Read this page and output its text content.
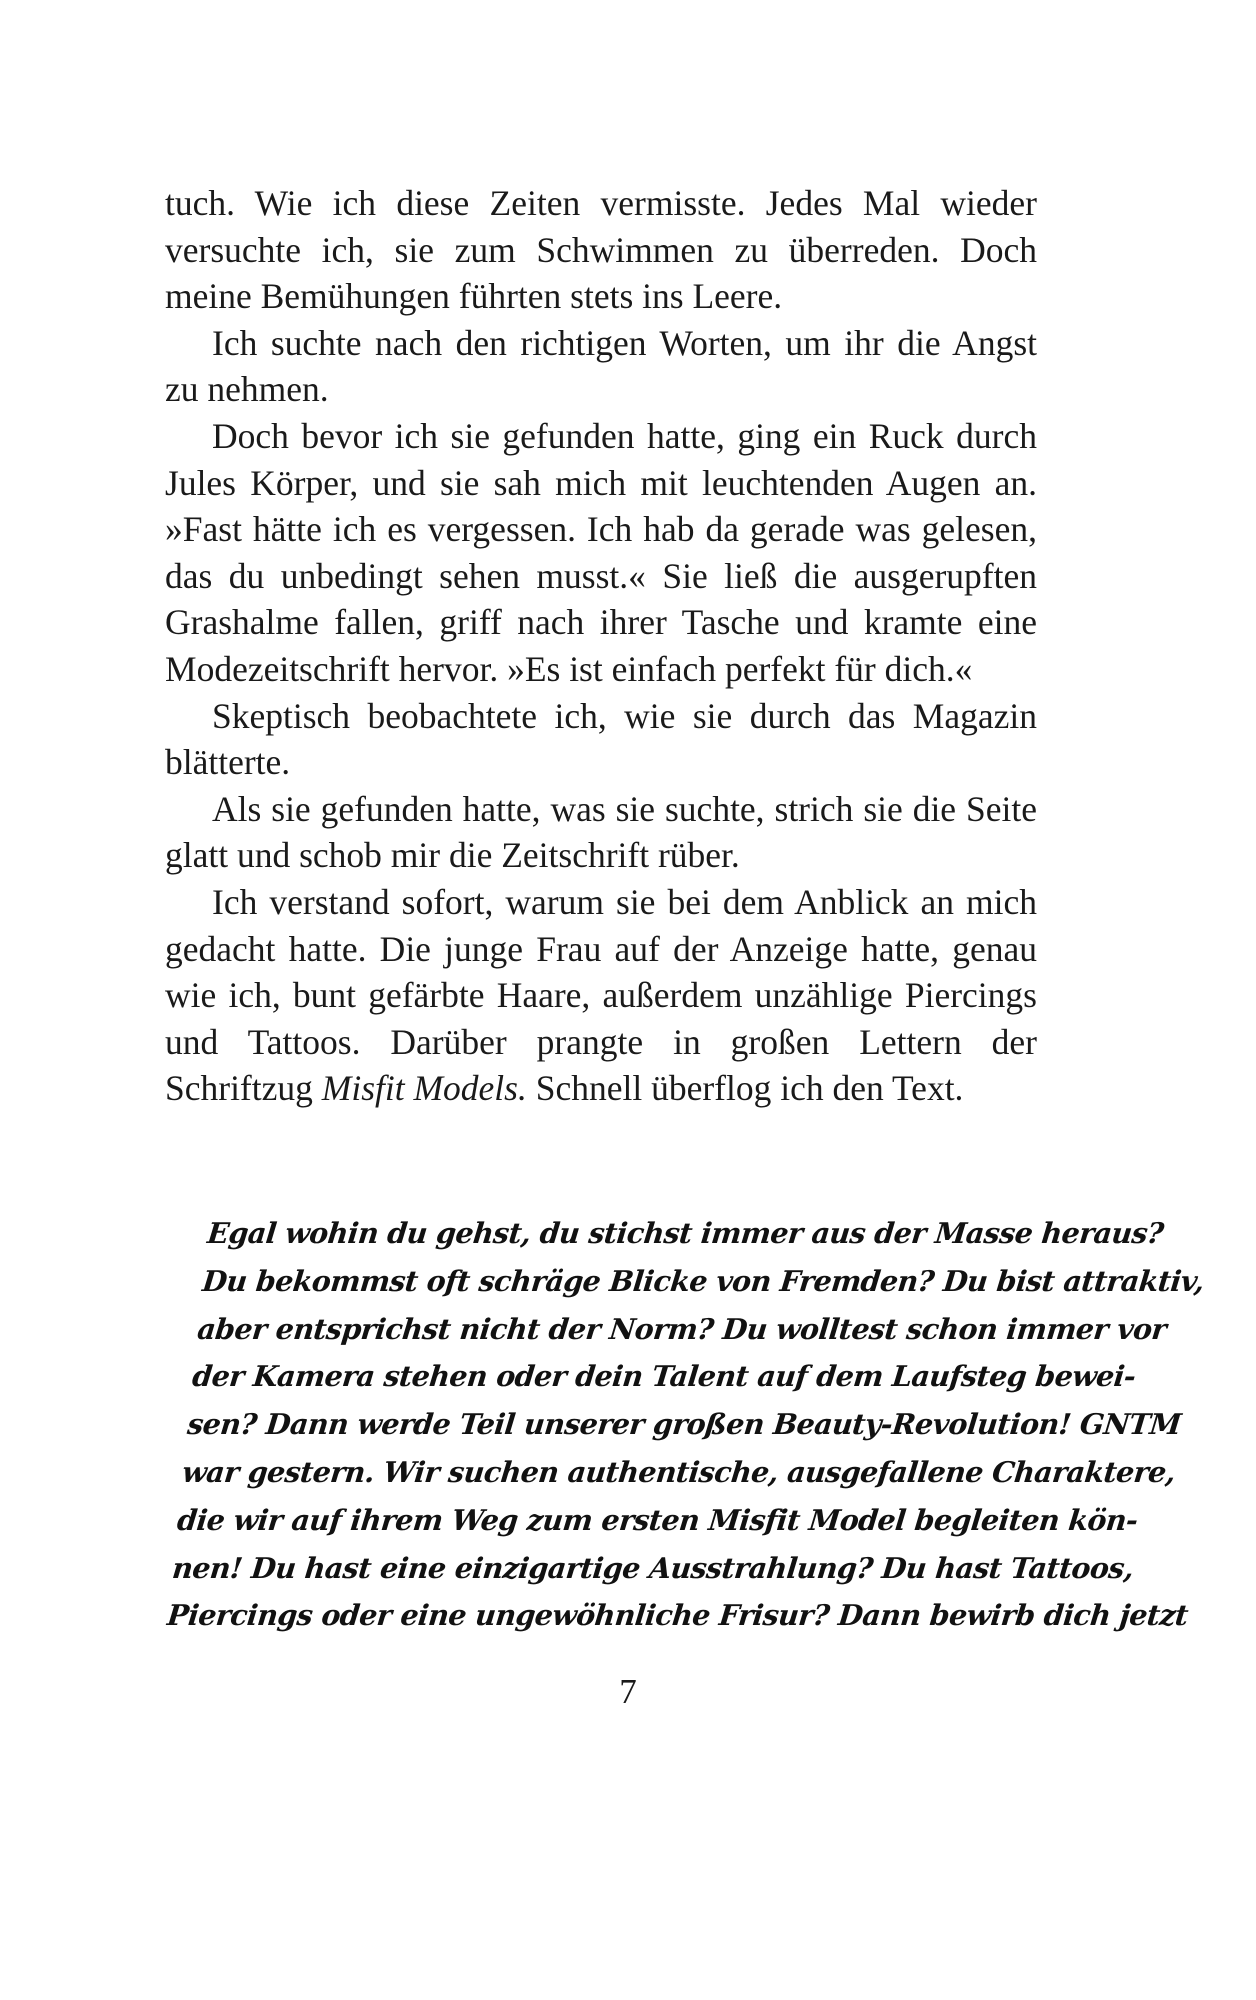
tuch. Wie ich diese Zeiten vermisste. Jedes Mal wieder versuchte ich, sie zum Schwimmen zu überreden. Doch meine Bemühungen führten stets ins Leere.

Ich suchte nach den richtigen Worten, um ihr die Angst zu nehmen.

Doch bevor ich sie gefunden hatte, ging ein Ruck durch Jules Körper, und sie sah mich mit leuchtenden Augen an. »Fast hätte ich es vergessen. Ich hab da gerade was gelesen, das du unbedingt sehen musst.« Sie ließ die ausgerupften Grashalme fallen, griff nach ihrer Tasche und kramte eine Modezeitschrift hervor. »Es ist einfach perfekt für dich.«

Skeptisch beobachtete ich, wie sie durch das Magazin blätterte.

Als sie gefunden hatte, was sie suchte, strich sie die Seite glatt und schob mir die Zeitschrift rüber.

Ich verstand sofort, warum sie bei dem Anblick an mich gedacht hatte. Die junge Frau auf der Anzeige hatte, genau wie ich, bunt gefärbte Haare, außerdem unzählige Piercings und Tattoos. Darüber prangte in großen Lettern der Schriftzug Misfit Models. Schnell überflog ich den Text.

Egal wohin du gehst, du stichst immer aus der Masse heraus?
Du bekommst oft schräge Blicke von Fremden? Du bist attraktiv,
aber entsprichst nicht der Norm? Du wolltest schon immer vor
der Kamera stehen oder dein Talent auf dem Laufsteg bewei-
sen? Dann werde Teil unserer großen Beauty-Revolution! GNTM
war gestern. Wir suchen authentische, ausgefallene Charaktere,
die wir auf ihrem Weg zum ersten Misfit Model begleiten kön-
nen! Du hast eine einzigartige Ausstrahlung? Du hast Tattoos,
Piercings oder eine ungewöhnliche Frisur? Dann bewirb dich jetzt
7
